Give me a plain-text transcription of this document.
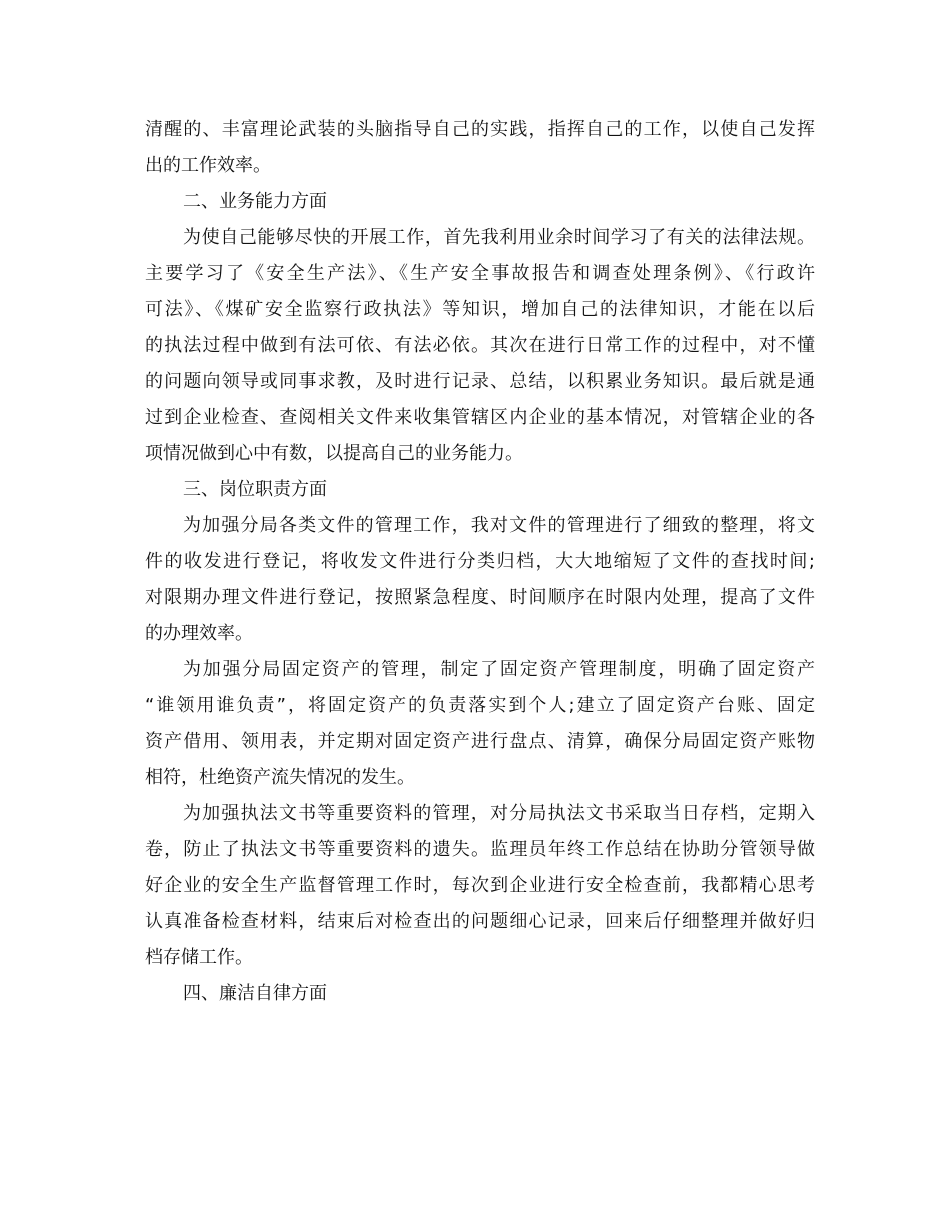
清醒的、丰富理论武装的头脑指导自己的实践，指挥自己的工作，以使自己发挥
出的工作效率。
二、业务能力方面
为使自己能够尽快的开展工作，首先我利用业余时间学习了有关的法律法规。
主要学习了《安全生产法》、《生产安全事故报告和调查处理条例》、《行政许
可法》、《煤矿安全监察行政执法》等知识，增加自己的法律知识，才能在以后
的执法过程中做到有法可依、有法必依。其次在进行日常工作的过程中，对不懂
的问题向领导或同事求教，及时进行记录、总结，以积累业务知识。最后就是通
过到企业检查、查阅相关文件来收集管辖区内企业的基本情况，对管辖企业的各
项情况做到心中有数，以提高自己的业务能力。
三、岗位职责方面
为加强分局各类文件的管理工作，我对文件的管理进行了细致的整理，将文
件的收发进行登记，将收发文件进行分类归档，大大地缩短了文件的查找时间;
对限期办理文件进行登记，按照紧急程度、时间顺序在时限内处理，提高了文件
的办理效率。
为加强分局固定资产的管理，制定了固定资产管理制度，明确了固定资产
“谁领用谁负责”，将固定资产的负责落实到个人;建立了固定资产台账、固定
资产借用、领用表，并定期对固定资产进行盘点、清算，确保分局固定资产账物
相符，杜绝资产流失情况的发生。
为加强执法文书等重要资料的管理，对分局执法文书采取当日存档，定期入
卷，防止了执法文书等重要资料的遗失。监理员年终工作总结在协助分管领导做
好企业的安全生产监督管理工作时，每次到企业进行安全检查前，我都精心思考
认真准备检查材料，结束后对检查出的问题细心记录，回来后仔细整理并做好归
档存储工作。
四、廉洁自律方面
